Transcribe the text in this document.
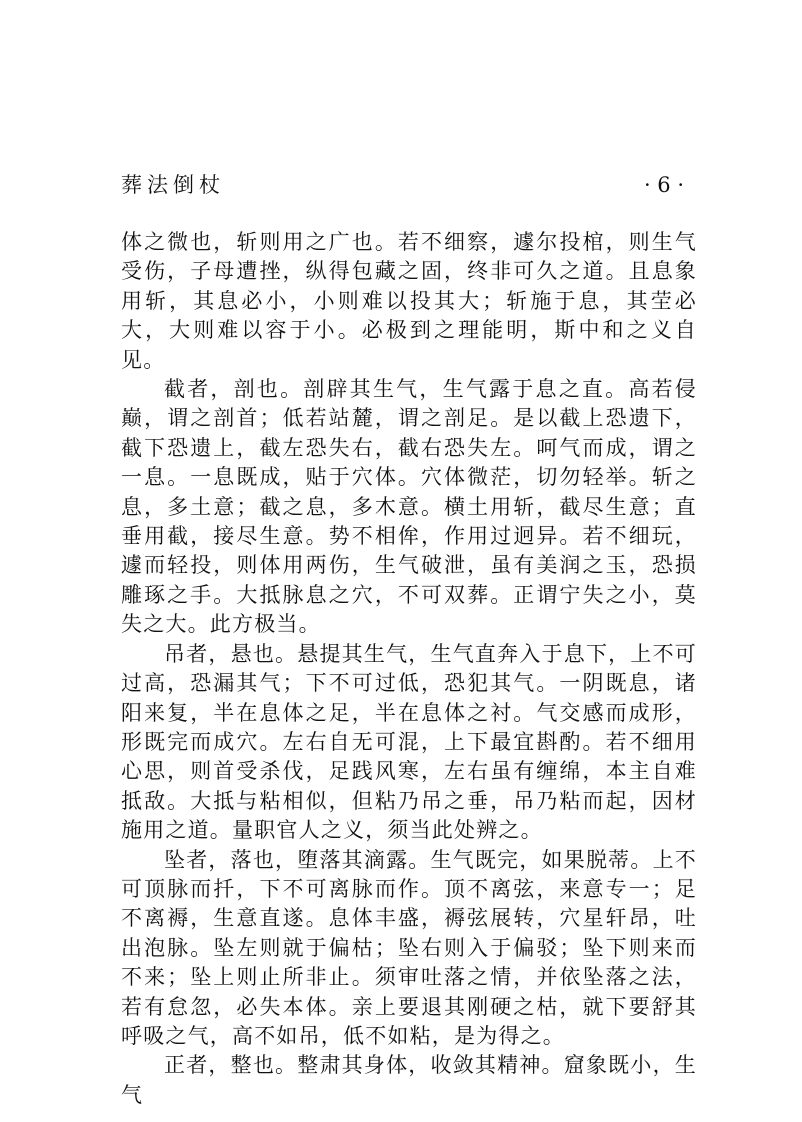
葬法倒杖	· 6 ·

体之微也，斩则用之广也。若不细察，遽尔投棺，则生气受伤，子母遭挫，纵得包藏之固，终非可久之道。且息象用斩，其息必小，小则难以投其大；斩施于息，其茔必大，大则难以容于小。必极到之理能明，斯中和之义自见。

截者，剖也。剖辟其生气，生气露于息之直。高若侵巅，谓之剖首；低若站麓，谓之剖足。是以截上恐遗下，截下恐遗上，截左恐失右，截右恐失左。呵气而成，谓之一息。一息既成，贴于穴体。穴体微茫，切勿轻举。斩之息，多土意；截之息，多木意。横土用斩，截尽生意；直垂用截，接尽生意。势不相侔，作用过迥异。若不细玩，遽而轻投，则体用两伤，生气破泄，虽有美润之玉，恐损雕琢之手。大抵脉息之穴，不可双葬。正谓宁失之小，莫失之大。此方极当。

吊者，悬也。悬提其生气，生气直奔入于息下，上不可过高，恐漏其气；下不可过低，恐犯其气。一阴既息，诸阳来复，半在息体之足，半在息体之衬。气交感而成形，形既完而成穴。左右自无可混，上下最宜斟酌。若不细用心思，则首受杀伐，足践风寒，左右虽有缠绵，本主自难抵敌。大抵与粘相似，但粘乃吊之垂，吊乃粘而起，因材施用之道。量职官人之义，须当此处辨之。

坠者，落也，堕落其滴露。生气既完，如果脱蒂。上不可顶脉而扦，下不可离脉而作。顶不离弦，来意专一；足不离褥，生意直遂。息体丰盛，褥弦展转，穴星轩昂，吐出泡脉。坠左则就于偏枯；坠右则入于偏驳；坠下则来而不来；坠上则止所非止。须审吐落之情，并依坠落之法，若有怠忽，必失本体。亲上要退其刚硬之枯，就下要舒其呼吸之气，高不如吊，低不如粘，是为得之。

正者，整也。整肃其身体，收敛其精神。窟象既小，生气
